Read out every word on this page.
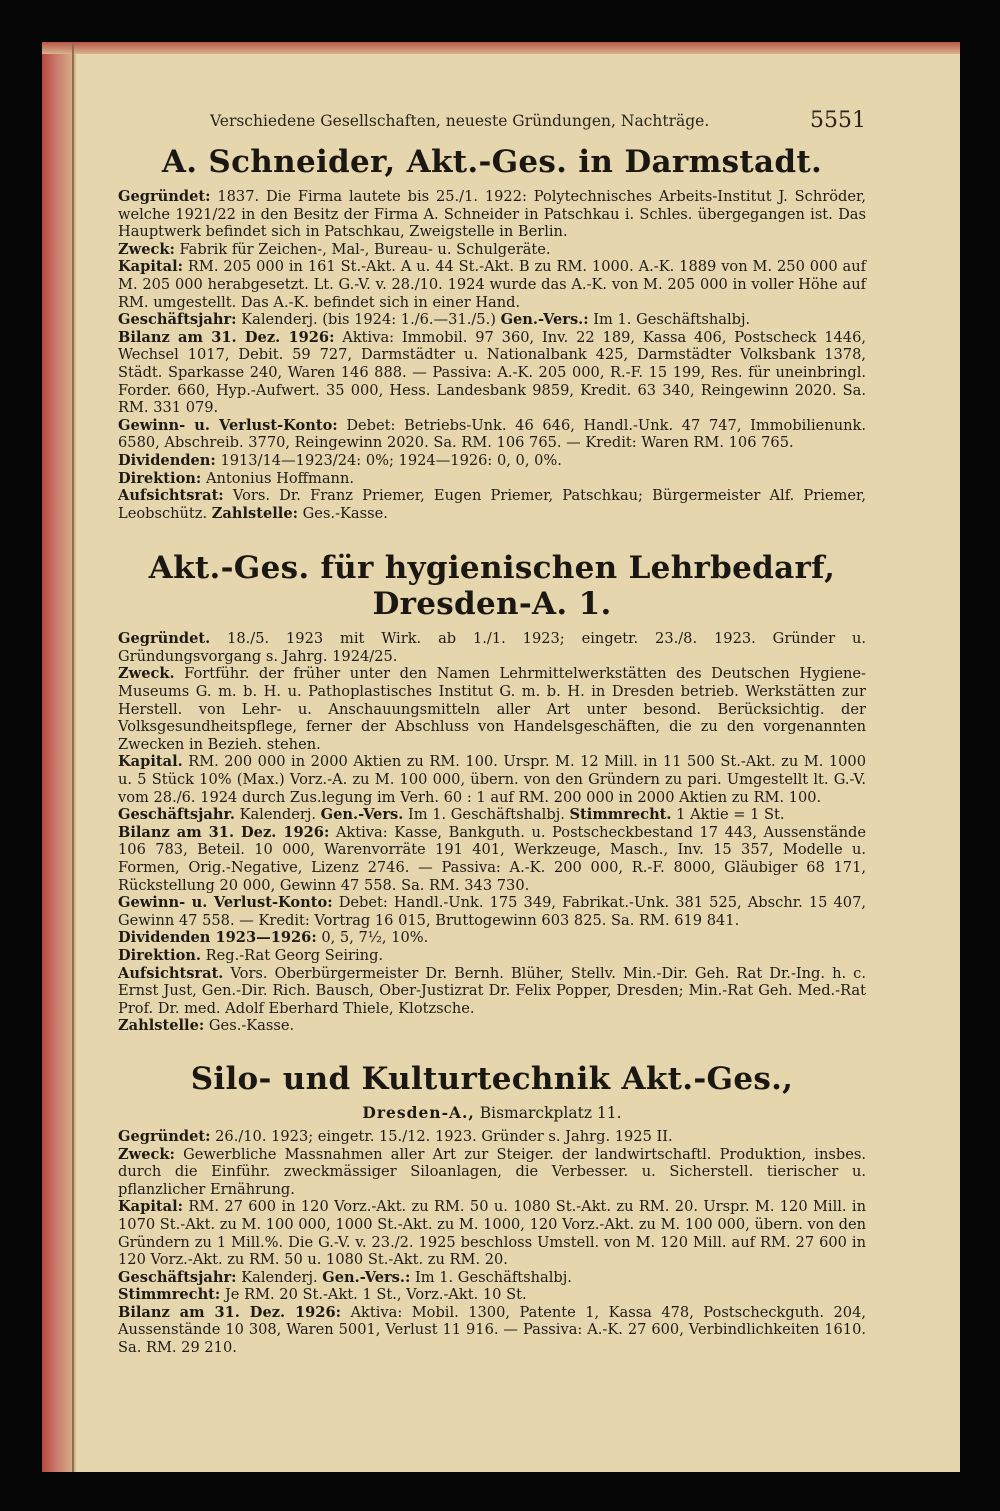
Verschiedene Gesellschaften, neueste Gründungen, Nachträge.	5551
A. Schneider, Akt.-Ges. in Darmstadt.

Gegründet: 1837. Die Firma lautete bis 25./1. 1922: Polytechnisches Arbeits-Institut J. Schröder, welche 1921/22 in den Besitz der Firma A. Schneider in Patschkau i. Schles. übergegangen ist. Das Hauptwerk befindet sich in Patschkau, Zweigstelle in Berlin.

Zweck: Fabrik für Zeichen-, Mal-, Bureau- u. Schulgeräte.

Kapital: RM. 205 000 in 161 St.-Akt. A u. 44 St.-Akt. B zu RM. 1000. A.-K. 1889 von M. 250 000 auf M. 205 000 herabgesetzt. Lt. G.-V. v. 28./10. 1924 wurde das A.-K. von M. 205 000 in voller Höhe auf RM. umgestellt. Das A.-K. befindet sich in einer Hand.

Geschäftsjahr: Kalenderj. (bis 1924: 1./6.—31./5.) Gen.-Vers.: Im 1. Geschäftshalbj.

Bilanz am 31. Dez. 1926: Aktiva: Immobil. 97 360, Inv. 22 189, Kassa 406, Postscheck 1446, Wechsel 1017, Debit. 59 727, Darmstädter u. Nationalbank 425, Darmstädter Volksbank 1378, Städt. Sparkasse 240, Waren 146 888. — Passiva: A.-K. 205 000, R.-F. 15 199, Res. für uneinbringl. Forder. 660, Hyp.-Aufwert. 35 000, Hess. Landesbank 9859, Kredit. 63 340, Reingewinn 2020. Sa. RM. 331 079.

Gewinn- u. Verlust-Konto: Debet: Betriebs-Unk. 46 646, Handl.-Unk. 47 747, Immobilienunk. 6580, Abschreib. 3770, Reingewinn 2020. Sa. RM. 106 765. — Kredit: Waren RM. 106 765.

Dividenden: 1913/14—1923/24: 0%; 1924—1926: 0, 0, 0%.

Direktion: Antonius Hoffmann.

Aufsichtsrat: Vors. Dr. Franz Priemer, Eugen Priemer, Patschkau; Bürgermeister Alf. Priemer, Leobschütz. Zahlstelle: Ges.-Kasse.

Akt.-Ges. für hygienischen Lehrbedarf, Dresden-A. 1.

Gegründet. 18./5. 1923 mit Wirk. ab 1./1. 1923; eingetr. 23./8. 1923. Gründer u. Gründungsvorgang s. Jahrg. 1924/25.

Zweck. Fortführ. der früher unter den Namen Lehrmittelwerkstätten des Deutschen Hygiene-Museums G. m. b. H. u. Pathoplastisches Institut G. m. b. H. in Dresden betrieb. Werkstätten zur Herstell. von Lehr- u. Anschauungsmitteln aller Art unter besond. Berücksichtig. der Volksgesundheitspflege, ferner der Abschluss von Handelsgeschäften, die zu den vorgenannten Zwecken in Bezieh. stehen.

Kapital. RM. 200 000 in 2000 Aktien zu RM. 100. Urspr. M. 12 Mill. in 11 500 St.-Akt. zu M. 1000 u. 5 Stück 10% (Max.) Vorz.-A. zu M. 100 000, übern. von den Gründern zu pari. Umgestellt lt. G.-V. vom 28./6. 1924 durch Zus.legung im Verh. 60 : 1 auf RM. 200 000 in 2000 Aktien zu RM. 100.

Geschäftsjahr. Kalenderj. Gen.-Vers. Im 1. Geschäftshalbj. Stimmrecht. 1 Aktie = 1 St.

Bilanz am 31. Dez. 1926: Aktiva: Kasse, Bankguth. u. Postscheckbestand 17 443, Aussenstände 106 783, Beteil. 10 000, Warenvorräte 191 401, Werkzeuge, Masch., Inv. 15 357, Modelle u. Formen, Orig.-Negative, Lizenz 2746. — Passiva: A.-K. 200 000, R.-F. 8000, Gläubiger 68 171, Rückstellung 20 000, Gewinn 47 558. Sa. RM. 343 730.

Gewinn- u. Verlust-Konto: Debet: Handl.-Unk. 175 349, Fabrikat.-Unk. 381 525, Abschr. 15 407, Gewinn 47 558. — Kredit: Vortrag 16 015, Bruttogewinn 603 825. Sa. RM. 619 841.

Dividenden 1923—1926: 0, 5, 7½, 10%.

Direktion. Reg.-Rat Georg Seiring.

Aufsichtsrat. Vors. Oberbürgermeister Dr. Bernh. Blüher, Stellv. Min.-Dir. Geh. Rat Dr.-Ing. h. c. Ernst Just, Gen.-Dir. Rich. Bausch, Ober-Justizrat Dr. Felix Popper, Dresden; Min.-Rat Geh. Med.-Rat Prof. Dr. med. Adolf Eberhard Thiele, Klotzsche.

Zahlstelle: Ges.-Kasse.

Silo- und Kulturtechnik Akt.-Ges.,
Dresden-A., Bismarckplatz 11.

Gegründet: 26./10. 1923; eingetr. 15./12. 1923. Gründer s. Jahrg. 1925 II.

Zweck: Gewerbliche Massnahmen aller Art zur Steiger. der landwirtschaftl. Produktion, insbes. durch die Einführ. zweckmässiger Siloanlagen, die Verbesser. u. Sicherstell. tierischer u. pflanzlicher Ernährung.

Kapital: RM. 27 600 in 120 Vorz.-Akt. zu RM. 50 u. 1080 St.-Akt. zu RM. 20. Urspr. M. 120 Mill. in 1070 St.-Akt. zu M. 100 000, 1000 St.-Akt. zu M. 1000, 120 Vorz.-Akt. zu M. 100 000, übern. von den Gründern zu 1 Mill.%. Die G.-V. v. 23./2. 1925 beschloss Umstell. von M. 120 Mill. auf RM. 27 600 in 120 Vorz.-Akt. zu RM. 50 u. 1080 St.-Akt. zu RM. 20.

Geschäftsjahr: Kalenderj. Gen.-Vers.: Im 1. Geschäftshalbj.

Stimmrecht: Je RM. 20 St.-Akt. 1 St., Vorz.-Akt. 10 St.

Bilanz am 31. Dez. 1926: Aktiva: Mobil. 1300, Patente 1, Kassa 478, Postscheckguth. 204, Aussenstände 10 308, Waren 5001, Verlust 11 916. — Passiva: A.-K. 27 600, Verbindlichkeiten 1610. Sa. RM. 29 210.
